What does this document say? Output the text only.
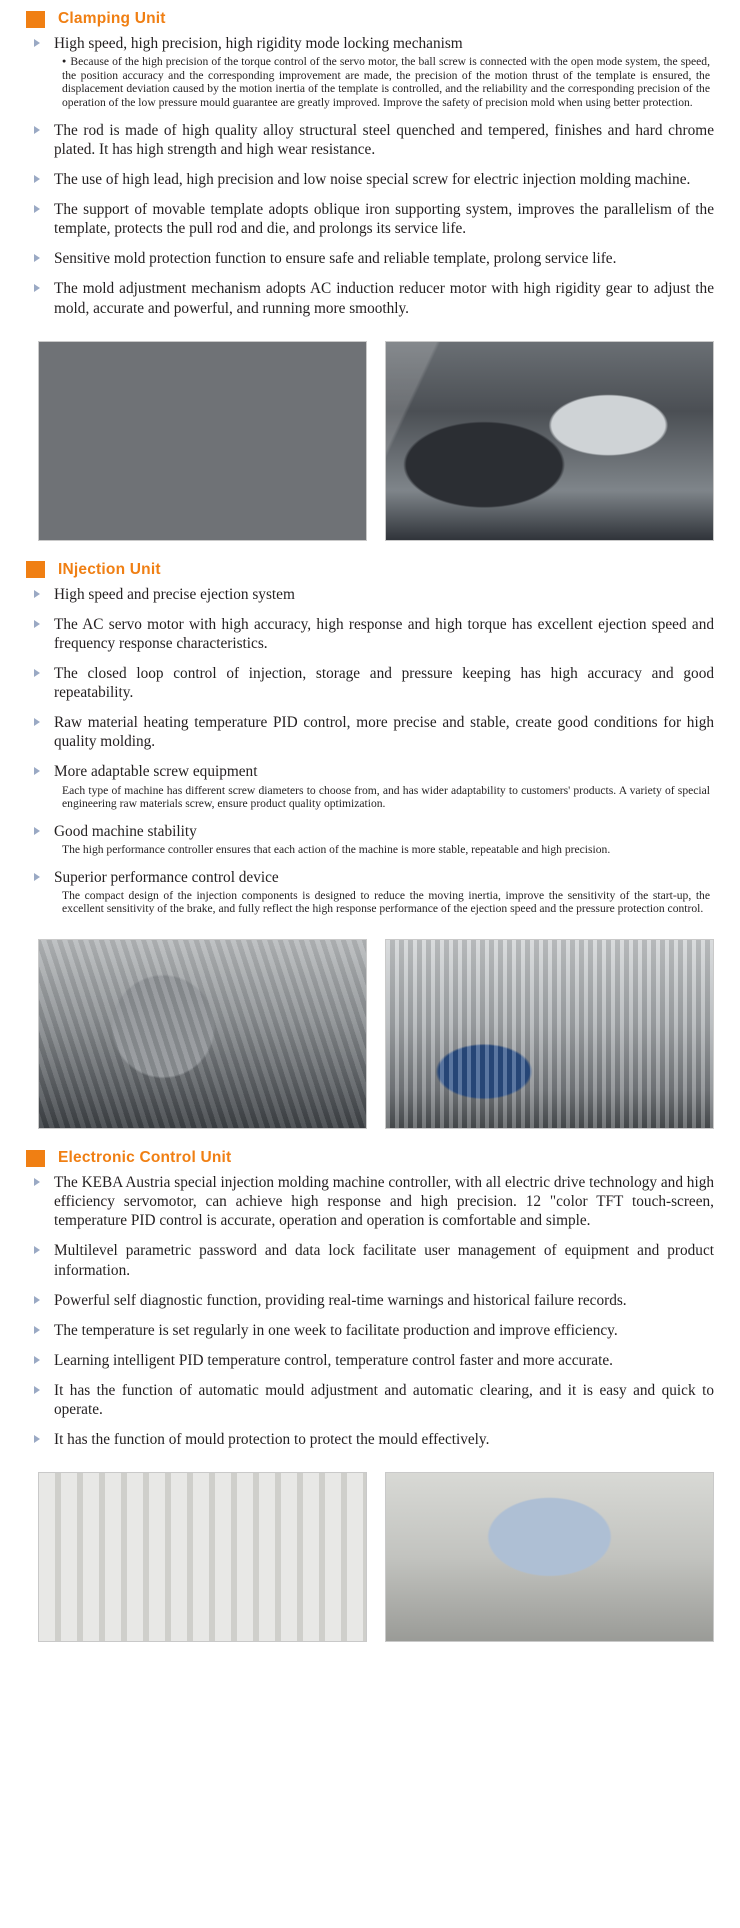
Clamping Unit
High speed, high precision, high rigidity mode locking mechanism
● Because of the high precision of the torque control of the servo motor, the ball screw is connected with the open mode system, the speed, the position accuracy and the corresponding improvement are made, the precision of the motion thrust of the template is ensured, the displacement deviation caused by the motion inertia of the template is controlled, and the reliability and the corresponding precision of the operation of the low pressure mould guarantee are greatly improved. Improve the safety of precision mold when using better protection.
The rod is made of high quality alloy structural steel quenched and tempered, finishes and hard chrome plated. It has high strength and high wear resistance.
The use of high lead, high precision and low noise special screw for electric injection molding machine.
The support of movable template adopts oblique iron supporting system, improves the parallelism of the template, protects the pull rod and die, and prolongs its service life.
Sensitive mold protection function to ensure safe and reliable template, prolong service life.
The mold adjustment mechanism adopts AC induction reducer motor with high rigidity gear to adjust the mold, accurate and powerful, and running more smoothly.
INjection Unit
High speed and precise ejection system
The AC servo motor with high accuracy, high response and high torque has excellent ejection speed and frequency response characteristics.
The closed loop control of injection, storage and pressure keeping has high accuracy and good repeatability.
Raw material heating temperature PID control, more precise and stable, create good conditions for high quality molding.
More adaptable screw equipment
Each type of machine has different screw diameters to choose from, and has wider adaptability to customers' products. A variety of special engineering raw materials screw, ensure product quality optimization.
Good machine stability
The high performance controller ensures that each action of the machine is more stable, repeatable and high precision.
Superior performance control device
The compact design of the injection components is designed to reduce the moving inertia, improve the sensitivity of the start-up, the excellent sensitivity of the brake, and fully reflect the high response performance of the ejection speed and the pressure protection control.
Electronic Control Unit
The KEBA Austria special injection molding machine controller, with all electric drive technology and high efficiency servomotor, can achieve high response and high precision. 12 "color TFT touch-screen, temperature PID control is accurate, operation and operation is comfortable and simple.
Multilevel parametric password and data lock facilitate user management of equipment and product information.
Powerful self diagnostic function, providing real-time warnings and historical failure records.
The temperature is set regularly in one week to facilitate production and improve efficiency.
Learning intelligent PID temperature control, temperature control faster and more accurate.
It has the function of automatic mould adjustment and automatic clearing, and it is easy and quick to operate.
It has the function of mould protection to protect the mould effectively.
